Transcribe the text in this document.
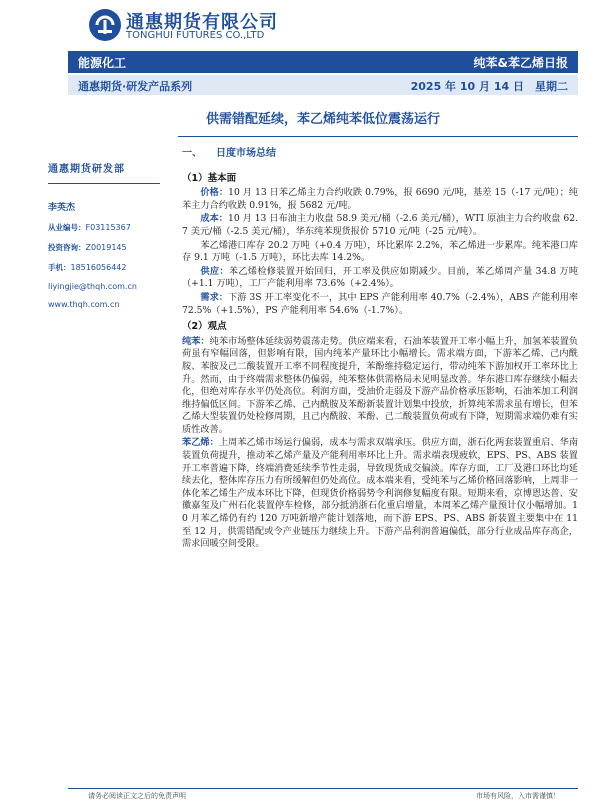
通惠期货有限公司
TONGHUI FUTURES CO.,LTD
能源化工	纯苯&苯乙烯日报
通惠期货·研发产品系列	2025 年 10 月 14 日　星期二
供需错配延续，苯乙烯纯苯低位震荡运行
通惠期货研发部
李英杰
从业编号：F03115367
投资咨询：Z0019145
手机：18516056442
liyingjie@thqh.com.cn
www.thqh.com.cn
一、 日度市场总结
（1）基本面

价格：10 月 13 日苯乙烯主力合约收跌 0.79%，报 6690 元/吨，基差 15（-17 元/吨）；纯苯主力合约收跌 0.91%，报 5682 元/吨。

成本：10 月 13 日布油主力收盘 58.9 美元/桶（-2.6 美元/桶），WTI 原油主力合约收盘 62.7 美元/桶（-2.5 美元/桶），华东纯苯现货报价 5710 元/吨（-25 元/吨）。

苯乙烯港口库存 20.2 万吨（+0.4 万吨），环比累库 2.2%，苯乙烯进一步累库。纯苯港口库存 9.1 万吨（-1.5 万吨），环比去库 14.2%。

供应：苯乙烯检修装置开始回归，开工率及供应如期减少。目前，苯乙烯周产量 34.8 万吨（+1.1 万吨），工厂产能利用率 73.6%（+2.4%）。

需求：下游 3S 开工率变化不一，其中 EPS 产能利用率 40.7%（-2.4%），ABS 产能利用率 72.5%（+1.5%），PS 产能利用率 54.6%（-1.7%）。

（2）观点

纯苯：纯苯市场整体延续弱势震荡走势。供应端来看，石油苯装置开工率小幅上升，加氢苯装置负荷虽有窄幅回落，但影响有限，国内纯苯产量环比小幅增长。需求端方面，下游苯乙烯、己内酰胺、苯胺及己二酸装置开工率不同程度提升，苯酚维持稳定运行，带动纯苯下游加权开工率环比上升。然而，由于终端需求整体仍偏弱，纯苯整体供需格局未见明显改善。华东港口库存继续小幅去化，但绝对库存水平仍处高位。利润方面，受油价走弱及下游产品价格承压影响，石油苯加工利润维持偏低区间。下游苯乙烯、己内酰胺及苯酚新装置计划集中投放，折算纯苯需求虽有增长，但苯乙烯大型装置仍处检修周期，且己内酰胺、苯酚、己二酸装置负荷或有下降，短期需求端仍难有实质性改善。

苯乙烯：上周苯乙烯市场运行偏弱，成本与需求双端承压。供应方面，浙石化两套装置重启、华南装置负荷提升，推动苯乙烯产量及产能利用率环比上升。需求端表现疲软，EPS、PS、ABS 装置开工率普遍下降，终端消费延续季节性走弱，导致现货成交偏淡。库存方面，工厂及港口环比均延续去化，整体库存压力有所缓解但仍处高位。成本端来看，受纯苯与乙烯价格回落影响，上周非一体化苯乙烯生产成本环比下降，但现货价格弱势令利润修复幅度有限。短期来看，京博恩达普、安徽嘉玺及广州石化装置停车检修，部分抵消浙石化重启增量，本周苯乙烯产量预计仅小幅增加。10 月苯乙烯仍有约 120 万吨新增产能计划落地，而下游 EPS、PS、ABS 新装置主要集中在 11 至 12 月，供需错配或令产业链压力继续上升。下游产品利润普遍偏低，部分行业成品库存高企，需求回暖空间受限。

请务必阅读正文之后的免责声明	市场有风险，入市需谨慎！
